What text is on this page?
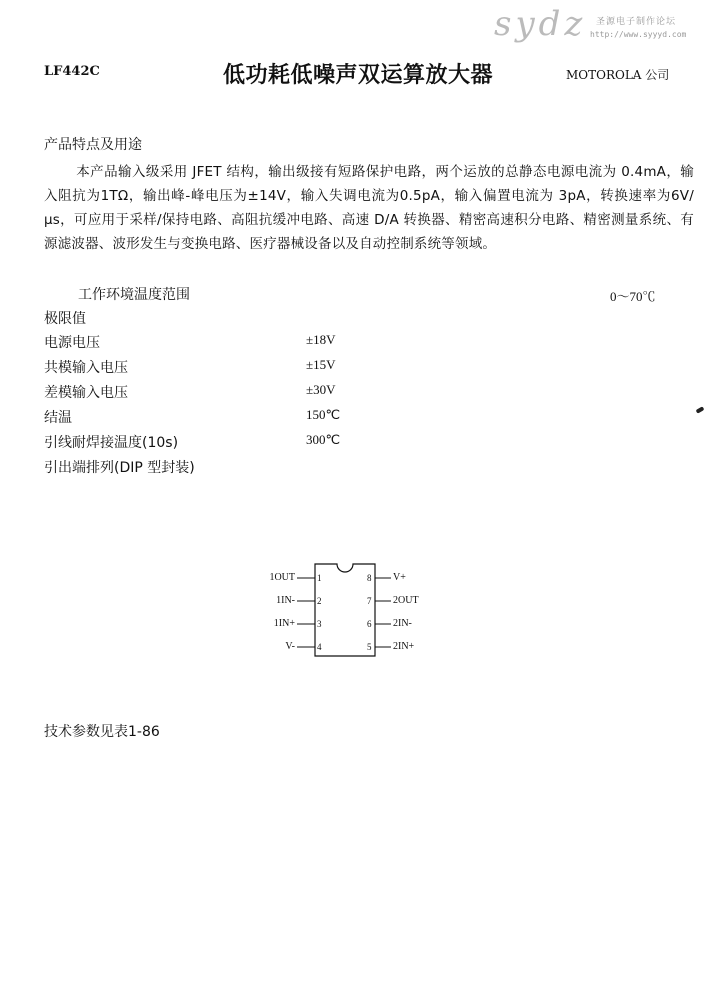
sydz 圣源电子制作论坛
http://www.syyyd.com
LF442C	低功耗低噪声双运算放大器	MOTOROLA 公司
产品特点及用途
本产品输入级采用 JFET 结构，输出级接有短路保护电路，两个运放的总静态电源电流为 0.4mA，输入阻抗为1TΩ，输出峰-峰电压为±14V，输入失调电流为0.5pA，输入偏置电流为 3pA，转换速率为6V/μs，可应用于采样/保持电路、高阻抗缓冲电路、高速 D/A 转换器、精密高速积分电路、精密测量系统、有源滤波器、波形发生与变换电路、医疗器械设备以及自动控制系统等领域。
工作环境温度范围	0～70℃
极限值
电源电压	±18V
共模输入电压	±15V
差模输入电压	±30V
结温	150℃
引线耐焊接温度(10s)	300℃
引出端排列(DIP 型封装)
1OUT
1IN-
1IN+
V-
1
2
3
4
8
7
6
5
V+
2OUT
2IN-
2IN+
技术参数见表1-86
